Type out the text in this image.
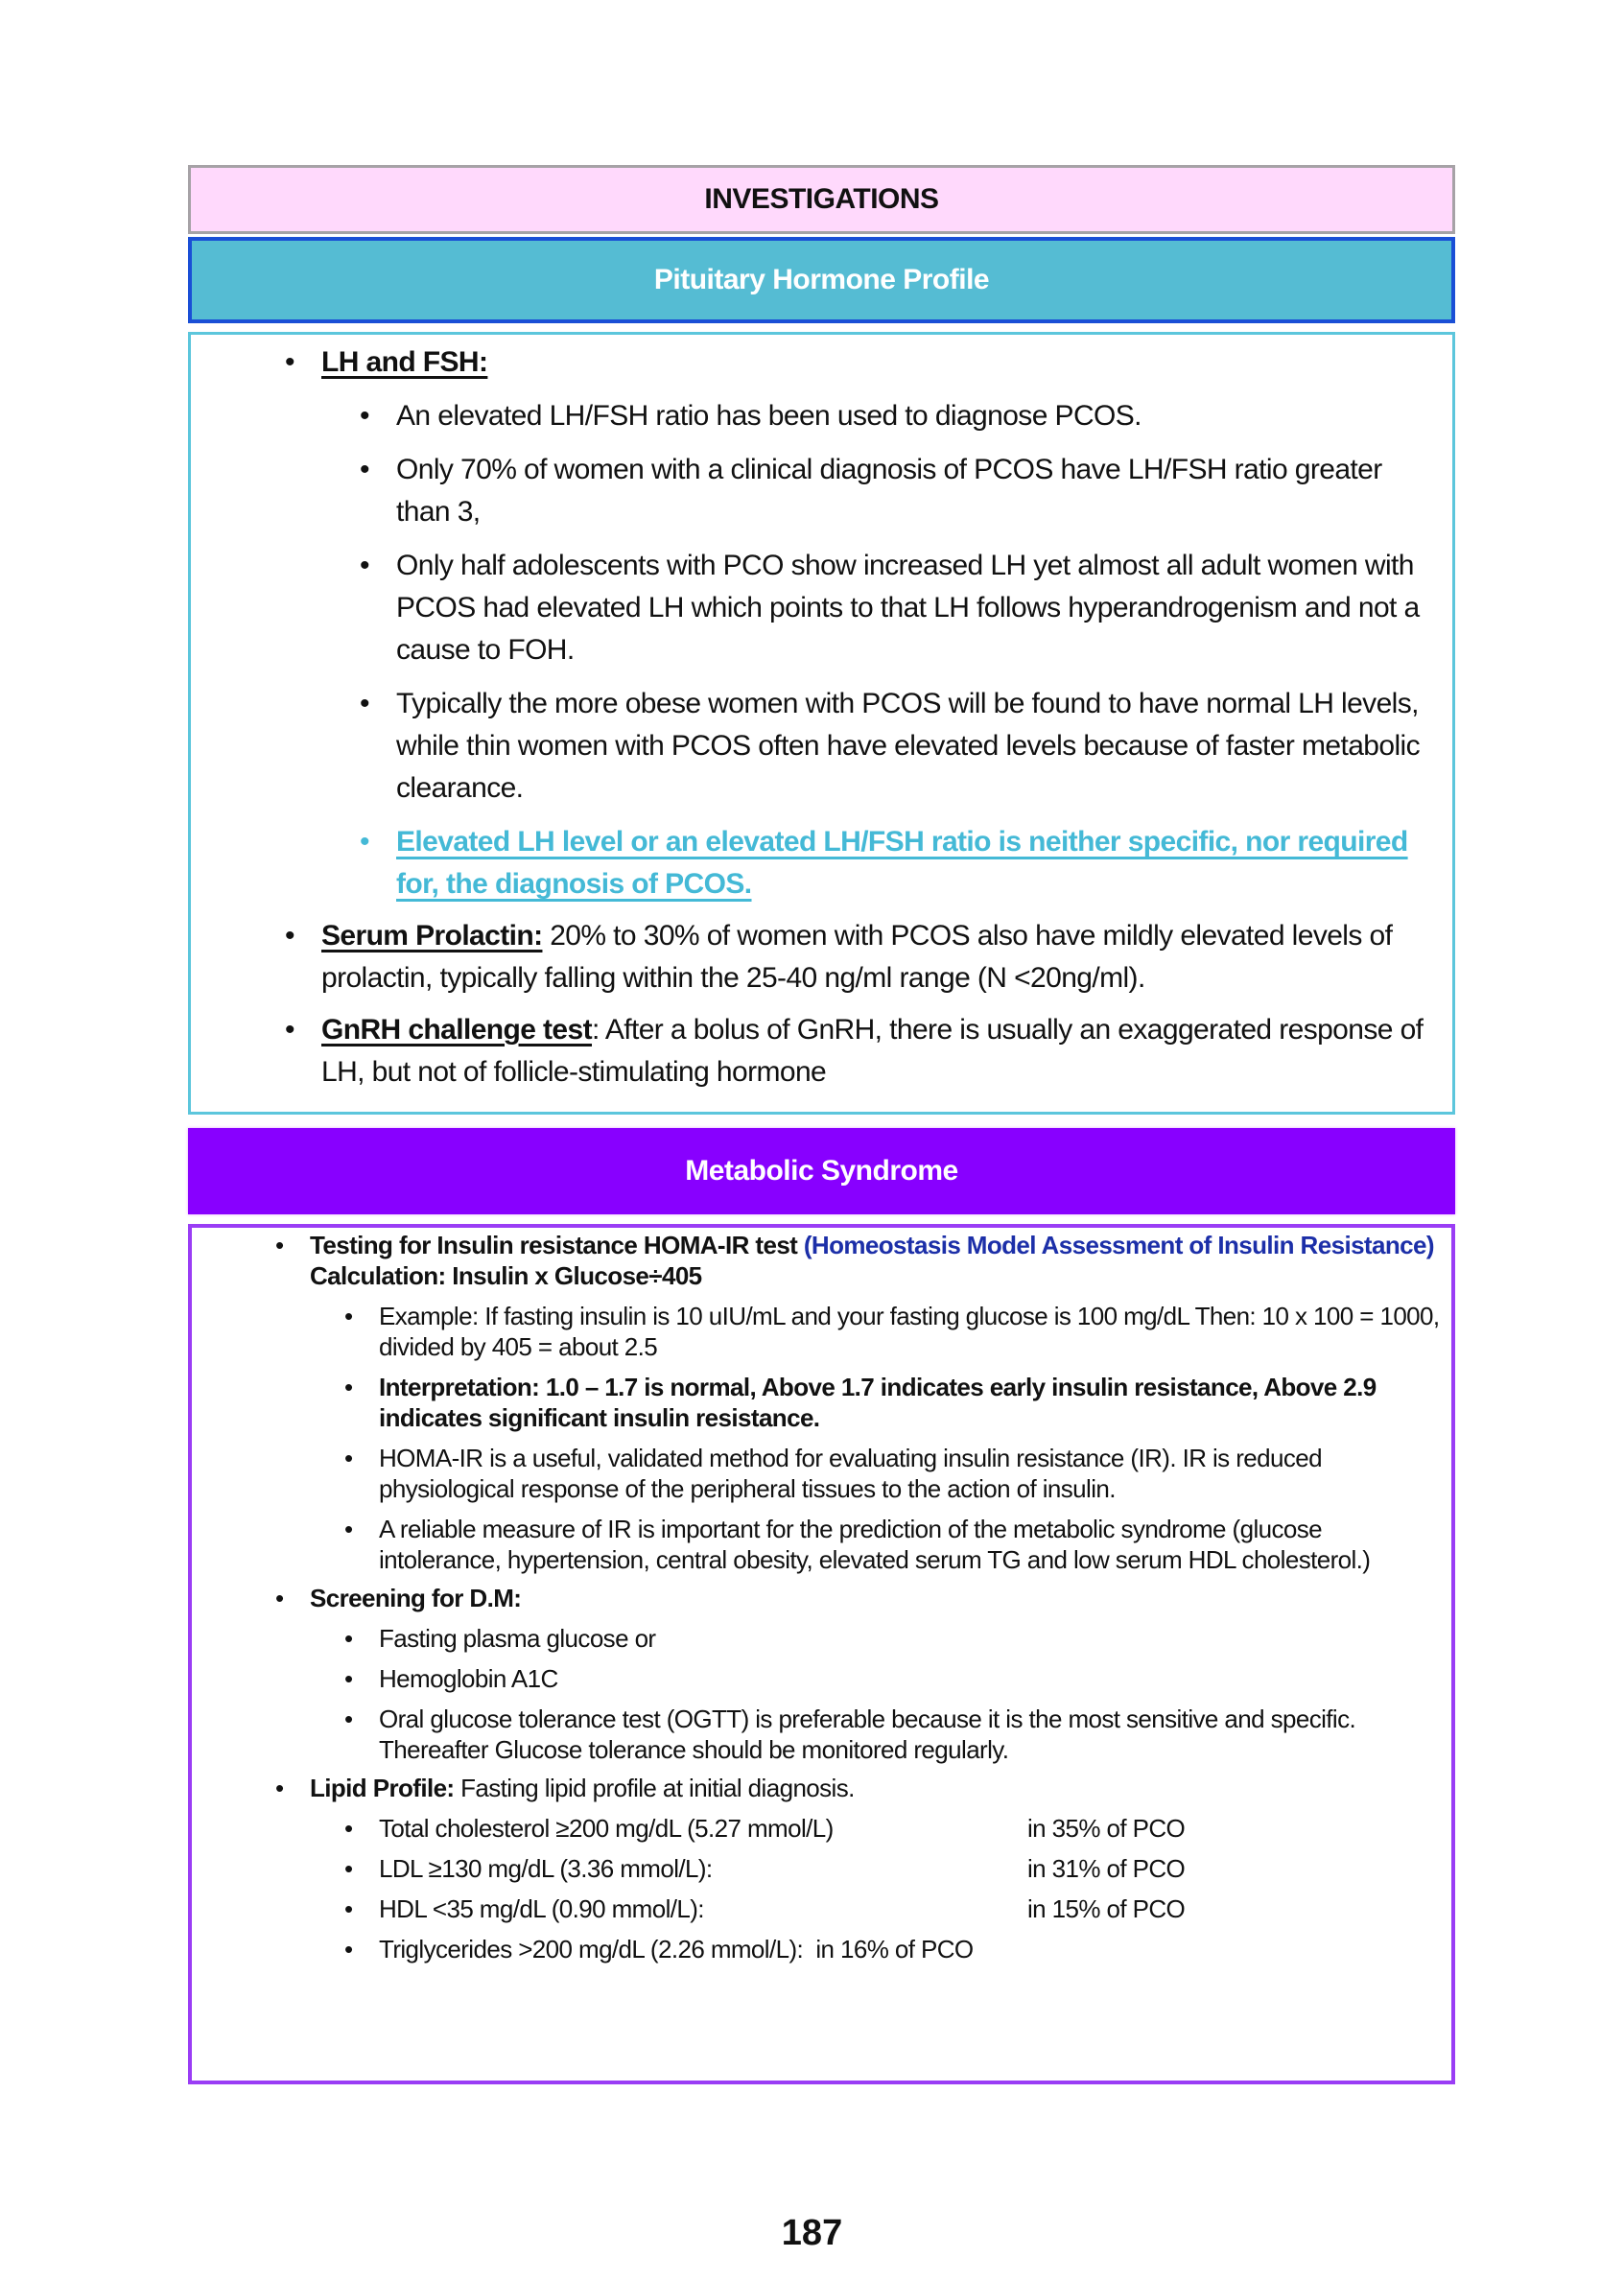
INVESTIGATIONS
Pituitary Hormone Profile
• LH and FSH:
• An elevated LH/FSH ratio has been used to diagnose PCOS.
• Only 70% of women with a clinical diagnosis of PCOS have LH/FSH ratio greater than 3,
• Only half adolescents with PCO show increased LH yet almost all adult women with PCOS had elevated LH which points to that LH follows hyperandrogenism and not a cause to FOH.
• Typically the more obese women with PCOS will be found to have normal LH levels, while thin women with PCOS often have elevated levels because of faster metabolic clearance.
• Elevated LH level or an elevated LH/FSH ratio is neither specific, nor required for, the diagnosis of PCOS.
• Serum Prolactin: 20% to 30% of women with PCOS also have mildly elevated levels of prolactin, typically falling within the 25-40 ng/ml range (N <20ng/ml).
• GnRH challenge test: After a bolus of GnRH, there is usually an exaggerated response of LH, but not of follicle-stimulating hormone
Metabolic Syndrome
• Testing for Insulin resistance HOMA-IR test (Homeostasis Model Assessment of Insulin Resistance) Calculation: Insulin x Glucose÷405
• Example: If fasting insulin is 10 uIU/mL and your fasting glucose is 100 mg/dL Then: 10 x 100 = 1000, divided by 405 = about 2.5
• Interpretation: 1.0 – 1.7 is normal, Above 1.7 indicates early insulin resistance, Above 2.9 indicates significant insulin resistance.
• HOMA-IR is a useful, validated method for evaluating insulin resistance (IR). IR is reduced physiological response of the peripheral tissues to the action of insulin.
• A reliable measure of IR is important for the prediction of the metabolic syndrome (glucose intolerance, hypertension, central obesity, elevated serum TG and low serum HDL cholesterol.)
• Screening for D.M:
• Fasting plasma glucose or
• Hemoglobin A1C
• Oral glucose tolerance test (OGTT) is preferable because it is the most sensitive and specific. Thereafter Glucose tolerance should be monitored regularly.
• Lipid Profile: Fasting lipid profile at initial diagnosis.
• Total cholesterol ≥200 mg/dL (5.27 mmol/L)	in 35% of PCO
• LDL ≥130 mg/dL (3.36 mmol/L):	in 31% of PCO
• HDL <35 mg/dL (0.90 mmol/L):	in 15% of PCO
• Triglycerides >200 mg/dL (2.26 mmol/L):  in 16% of PCO
187
